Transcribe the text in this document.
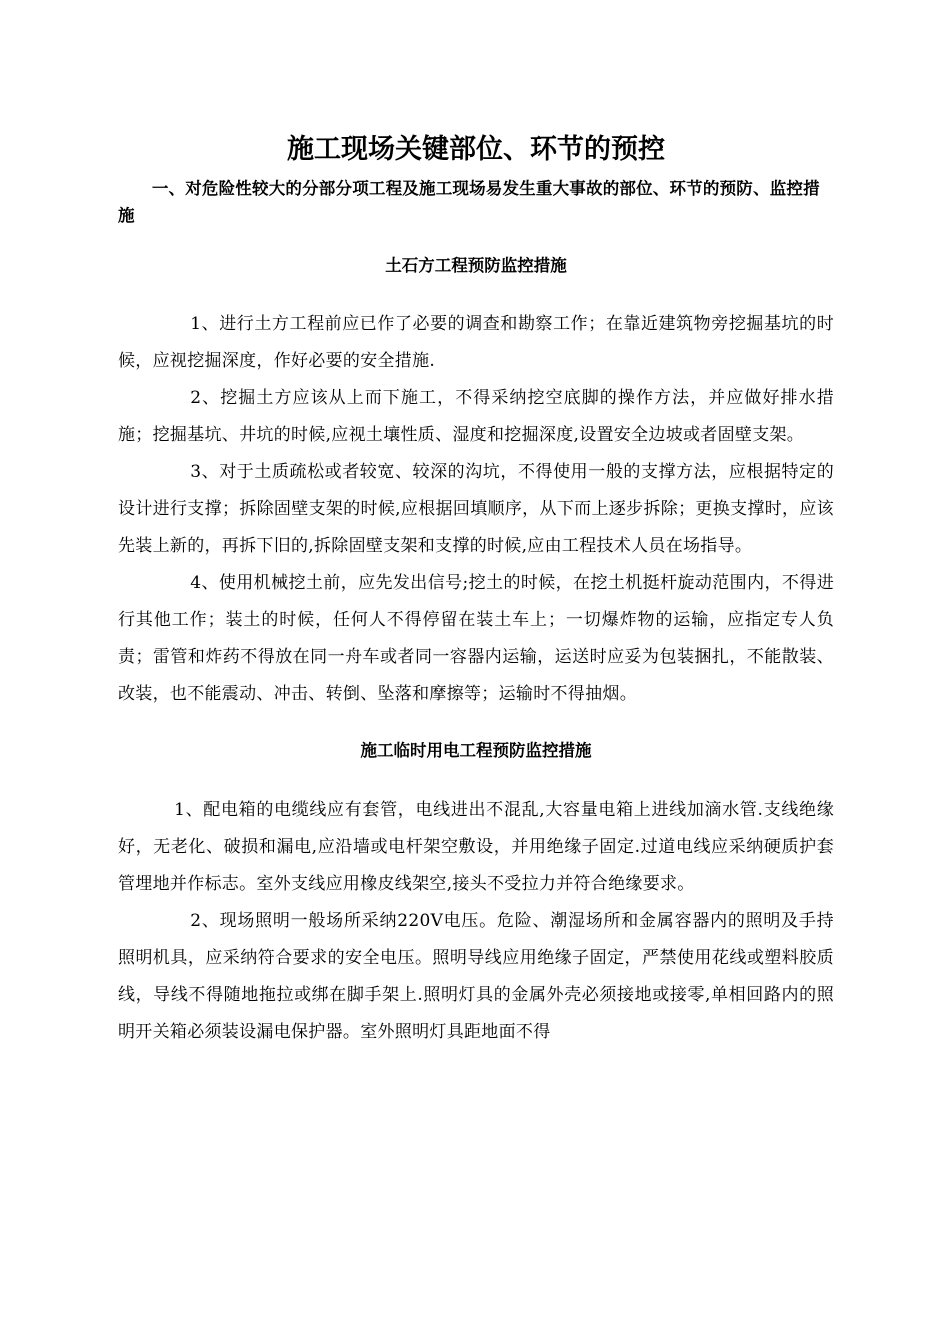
施工现场关键部位、环节的预控

一、对危险性较大的分部分项工程及施工现场易发生重大事故的部位、环节的预防、监控措施

土石方工程预防监控措施

1、进行土方工程前应已作了必要的调查和勘察工作；在靠近建筑物旁挖掘基坑的时候，应视挖掘深度，作好必要的安全措施.

2、挖掘土方应该从上而下施工，不得采纳挖空底脚的操作方法，并应做好排水措施；挖掘基坑、井坑的时候,应视土壤性质、湿度和挖掘深度,设置安全边坡或者固壁支架。

3、对于土质疏松或者较宽、较深的沟坑，不得使用一般的支撑方法，应根据特定的设计进行支撑；拆除固壁支架的时候,应根据回填顺序，从下而上逐步拆除；更换支撑时，应该先装上新的，再拆下旧的,拆除固壁支架和支撑的时候,应由工程技术人员在场指导。

4、使用机械挖土前，应先发出信号;挖土的时候，在挖土机挺杆旋动范围内，不得进行其他工作；装土的时候，任何人不得停留在装土车上；一切爆炸物的运输，应指定专人负责；雷管和炸药不得放在同一舟车或者同一容器内运输，运送时应妥为包装捆扎，不能散装、改装，也不能震动、冲击、转倒、坠落和摩擦等；运输时不得抽烟。

施工临时用电工程预防监控措施

1、配电箱的电缆线应有套管，电线进出不混乱,大容量电箱上进线加滴水管.支线绝缘好，无老化、破损和漏电,应沿墙或电杆架空敷设，并用绝缘子固定.过道电线应采纳硬质护套管埋地并作标志。室外支线应用橡皮线架空,接头不受拉力并符合绝缘要求。

2、现场照明一般场所采纳220V电压。危险、潮湿场所和金属容器内的照明及手持照明机具，应采纳符合要求的安全电压。照明导线应用绝缘子固定，严禁使用花线或塑料胶质线，导线不得随地拖拉或绑在脚手架上.照明灯具的金属外壳必须接地或接零,单相回路内的照明开关箱必须装设漏电保护器。室外照明灯具距地面不得
